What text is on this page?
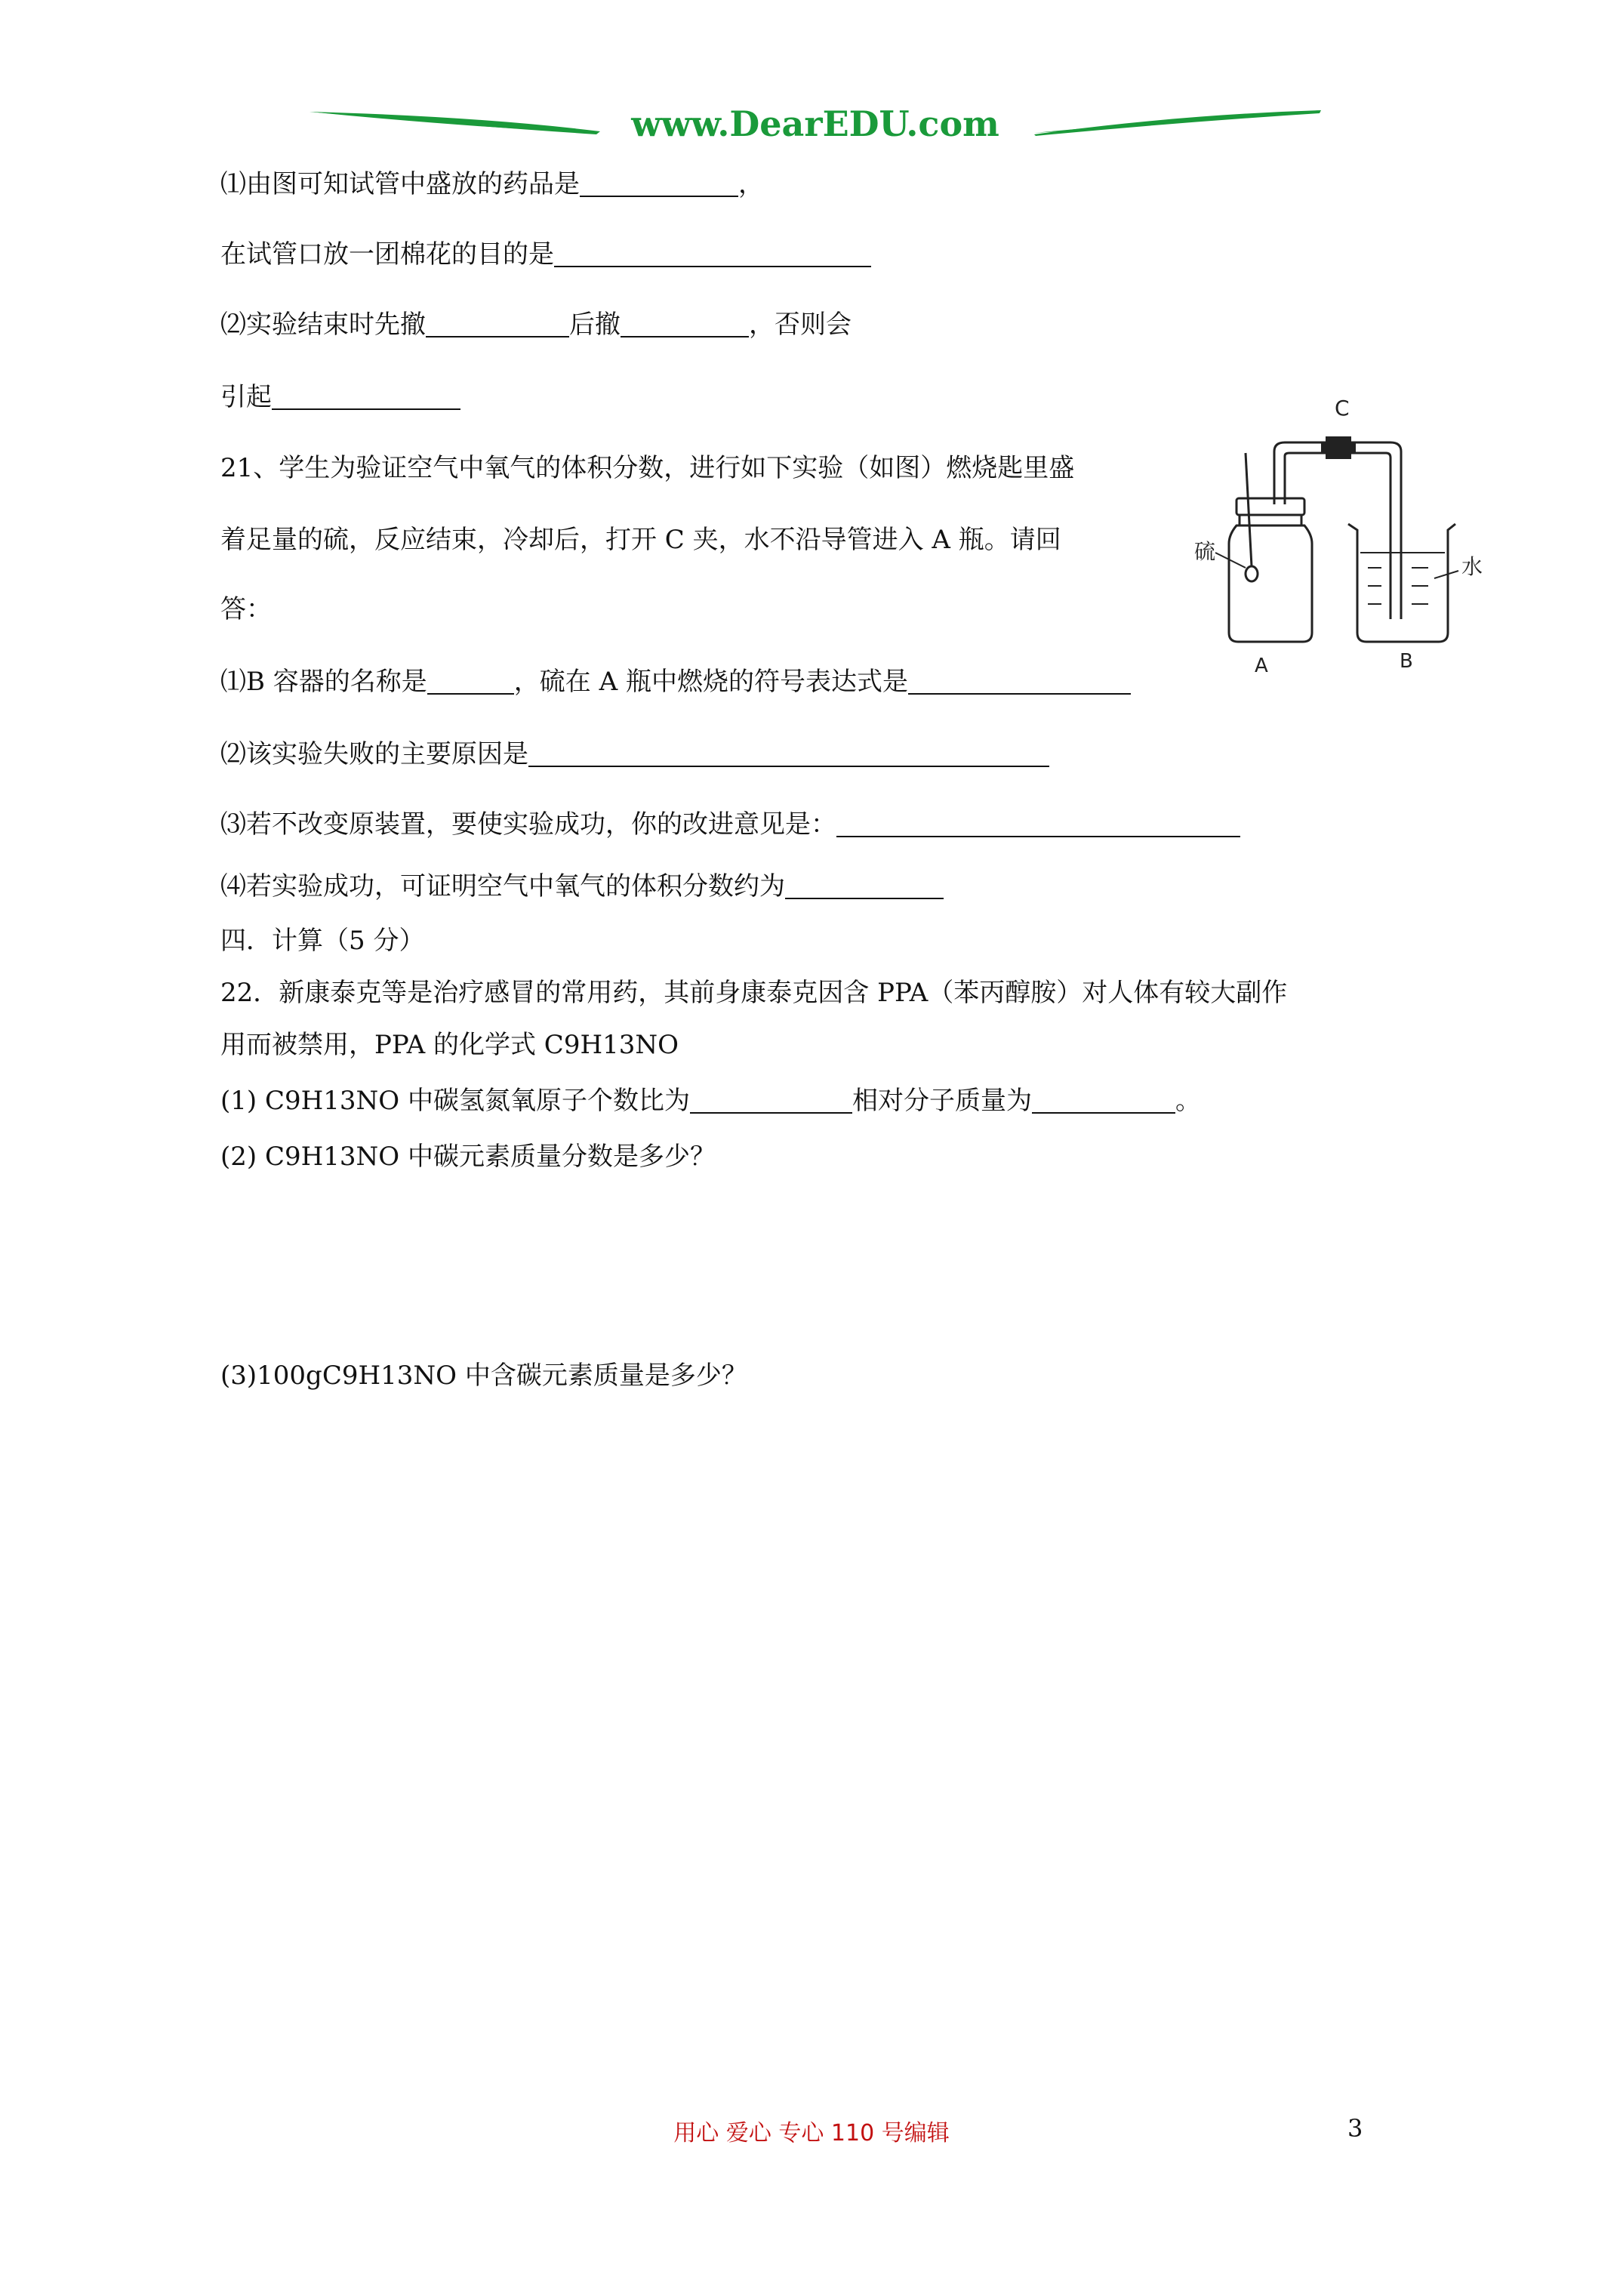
www.DearEDU.com
⑴由图可知试管中盛放的药品是	，
在试管口放一团棉花的目的是
⑵实验结束时先撤	后撤	，否则会
引起
21、学生为验证空气中氧气的体积分数，进行如下实验（如图）燃烧匙里盛
着足量的硫，反应结束，冷却后，打开 C 夹，水不沿导管进入 A 瓶。请回
答：
C
硫
A
水
B
⑴B 容器的名称是	，硫在 A 瓶中燃烧的符号表达式是
⑵该实验失败的主要原因是
⑶若不改变原装置，要使实验成功，你的改进意见是：
⑷若实验成功，可证明空气中氧气的体积分数约为
四．计算（5 分）
22．新康泰克等是治疗感冒的常用药，其前身康泰克因含 PPA（苯丙醇胺）对人体有较大副作
用而被禁用，PPA 的化学式 C9H13NO
(1) C9H13NO 中碳氢氮氧原子个数比为	相对分子质量为	。
(2) C9H13NO 中碳元素质量分数是多少？
(3)100gC9H13NO 中含碳元素质量是多少？
用心 爱心 专心 110 号编辑	3
